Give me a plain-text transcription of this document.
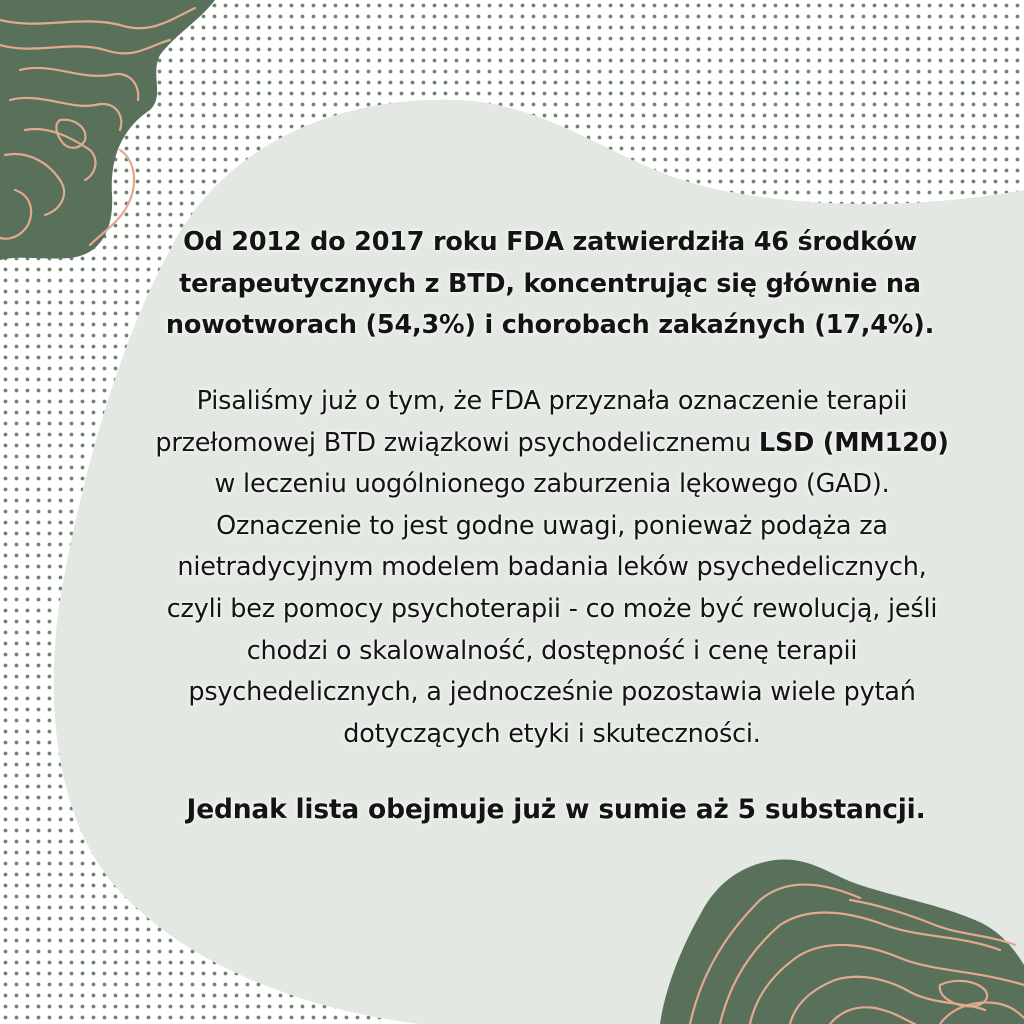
Od 2012 do 2017 roku FDA zatwierdziła 46 środków
terapeutycznych z BTD, koncentrując się głównie na
nowotworach (54,3%) i chorobach zakaźnych (17,4%).
Pisaliśmy już o tym, że FDA przyznała oznaczenie terapii
przełomowej BTD związkowi psychodelicznemu LSD (MM120)
w leczeniu uogólnionego zaburzenia lękowego (GAD).
Oznaczenie to jest godne uwagi, ponieważ podąża za
nietradycyjnym modelem badania leków psychedelicznych,
czyli bez pomocy psychoterapii - co może być rewolucją, jeśli
chodzi o skalowalność, dostępność i cenę terapii
psychedelicznych, a jednocześnie pozostawia wiele pytań
dotyczących etyki i skuteczności.
Jednak lista obejmuje już w sumie aż 5 substancji.
